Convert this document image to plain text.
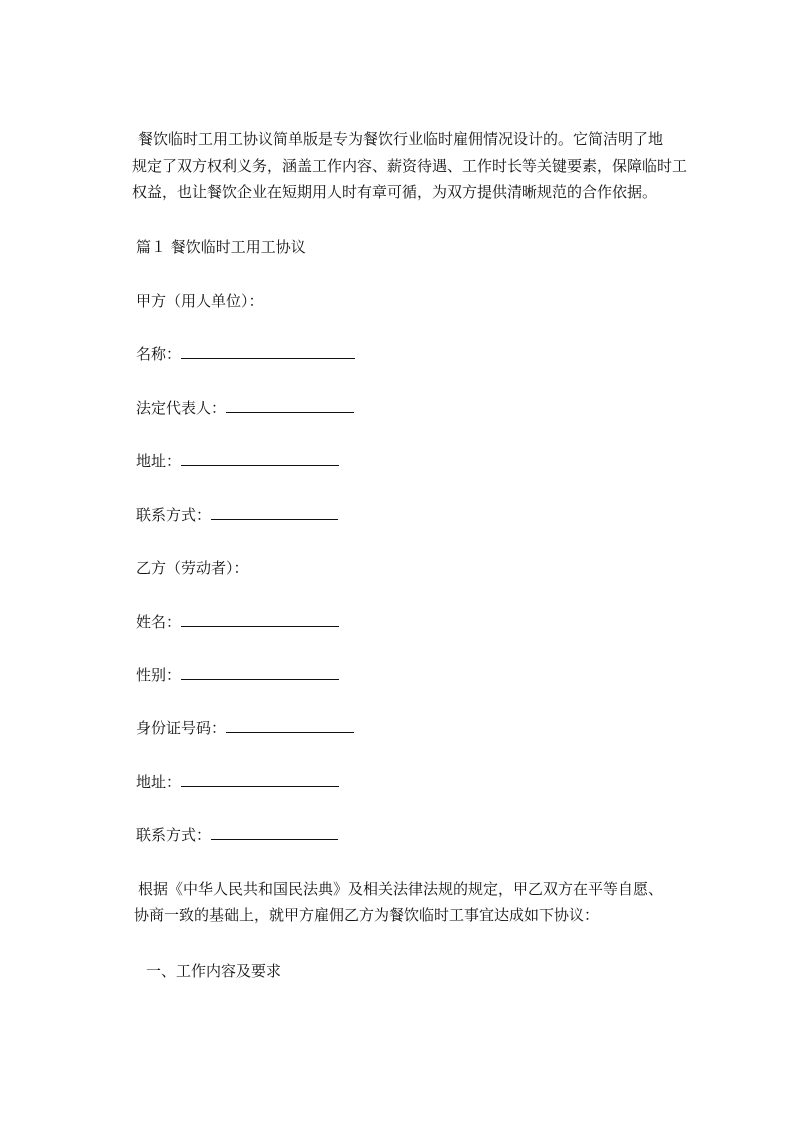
餐饮临时工用工协议简单版是专为餐饮行业临时雇佣情况设计的。它简洁明了地
规定了双方权利义务，涵盖工作内容、薪资待遇、工作时长等关键要素，保障临时工
权益，也让餐饮企业在短期用人时有章可循，为双方提供清晰规范的合作依据。
篇１ 餐饮临时工用工协议
甲方（用人单位）：
名称：
法定代表人：
地址：
联系方式：
乙方（劳动者）：
姓名：
性别：
身份证号码：
地址：
联系方式：
根据《中华人民共和国民法典》及相关法律法规的规定，甲乙双方在平等自愿、
协商一致的基础上，就甲方雇佣乙方为餐饮临时工事宜达成如下协议：
一、工作内容及要求
